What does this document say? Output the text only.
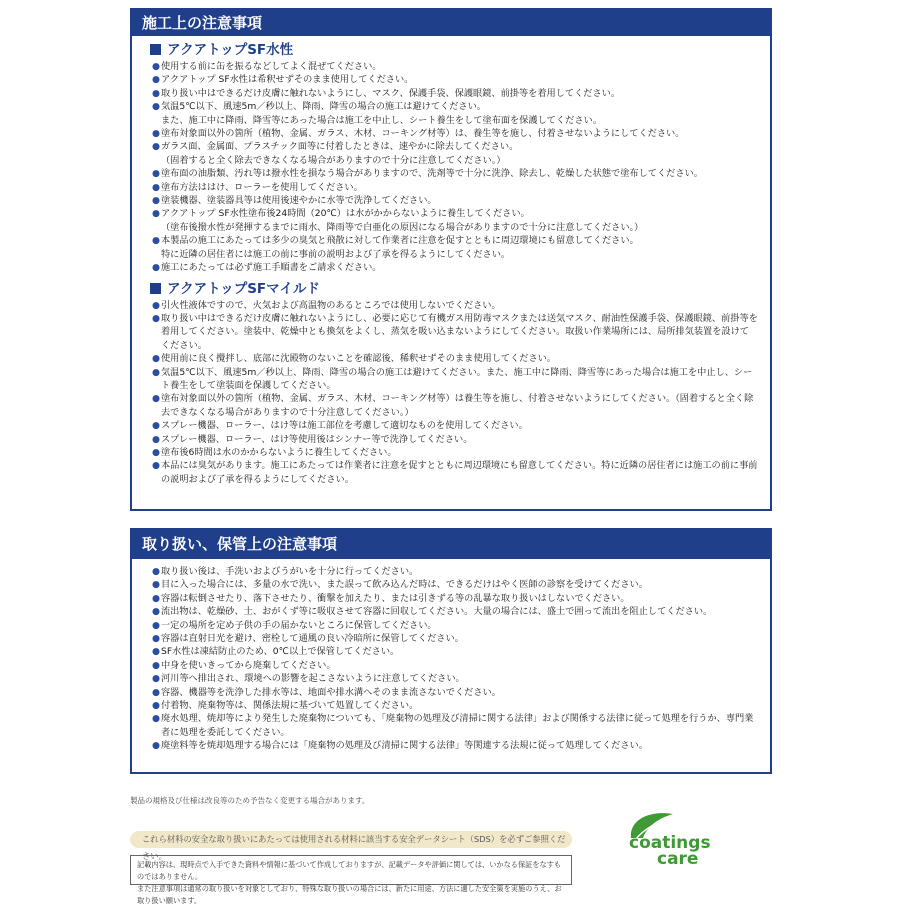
施工上の注意事項
アクアトップSF水性
● 使用する前に缶を振るなどしてよく混ぜてください。
● アクアトップ SF水性は希釈せずそのまま使用してください。
● 取り扱い中はできるだけ皮膚に触れないようにし、マスク、保護手袋、保護眼鏡、前掛等を着用してください。
● 気温5℃以下、風速5m／秒以上、降雨、降雪の場合の施工は避けてください。
また、施工中に降雨、降雪等にあった場合は施工を中止し、シート養生をして塗布面を保護してください。
● 塗布対象面以外の箇所（植物、金属、ガラス、木材、コーキング材等）は、養生等を施し、付着させないようにしてください。
● ガラス面、金属面、プラスチック面等に付着したときは、速やかに除去してください。
（固着すると全く除去できなくなる場合がありますので十分に注意してください。）
● 塗布面の油脂類、汚れ等は撥水性を損なう場合がありますので、洗剤等で十分に洗浄、除去し、乾燥した状態で塗布してください。
● 塗布方法ははけ、ローラーを使用してください。
● 塗装機器、塗装器具等は使用後速やかに水等で洗浄してください。
● アクアトップ SF水性塗布後24時間（20℃）は水がかからないように養生してください。
（塗布後撥水性が発揮するまでに雨水、降雨等で白亜化の原因になる場合がありますので十分に注意してください。）
● 本製品の施工にあたっては多少の臭気と飛散に対して作業者に注意を促すとともに周辺環境にも留意してください。
特に近隣の居住者には施工の前に事前の説明および了承を得るようにしてください。
● 施工にあたっては必ず施工手順書をご請求ください。
アクアトップSFマイルド
● 引火性液体ですので、火気および高温物のあるところでは使用しないでください。
● 取り扱い中はできるだけ皮膚に触れないようにし、必要に応じて有機ガス用防毒マスクまたは送気マスク、耐油性保護手袋、保護眼鏡、前掛等を着用してください。塗装中、乾燥中とも換気をよくし、蒸気を吸い込まないようにしてください。取扱い作業場所には、局所排気装置を設けてください。
● 使用前に良く攪拌し、底部に沈殿物のないことを確認後、稀釈せずそのまま使用してください。
● 気温5℃以下、風速5m／秒以上、降雨、降雪の場合の施工は避けてください。また、施工中に降雨、降雪等にあった場合は施工を中止し、シート養生をして塗装面を保護してください。
● 塗布対象面以外の箇所（植物、金属、ガラス、木材、コーキング材等）は養生等を施し、付着させないようにしてください。（固着すると全く除去できなくなる場合がありますので十分注意してください。）
● スプレー機器、ローラー、はけ等は施工部位を考慮して適切なものを使用してください。
● スプレー機器、ローラー、はけ等使用後はシンナー等で洗浄してください。
● 塗布後6時間は水のかからないように養生してください。
● 本品には臭気があります。施工にあたっては作業者に注意を促すとともに周辺環境にも留意してください。特に近隣の居住者には施工の前に事前の説明および了承を得るようにしてください。
取り扱い、保管上の注意事項
● 取り扱い後は、手洗いおよびうがいを十分に行ってください。
● 目に入った場合には、多量の水で洗い、また誤って飲み込んだ時は、できるだけはやく医師の診察を受けてください。
● 容器は転倒させたり、落下させたり、衝撃を加えたり、または引きずる等の乱暴な取り扱いはしないでください。
● 流出物は、乾燥砂、土、おがくず等に吸収させて容器に回収してください。大量の場合には、盛土で囲って流出を阻止してください。
● 一定の場所を定め子供の手の届かないところに保管してください。
● 容器は直射日光を避け、密栓して通風の良い冷暗所に保管してください。
● SF水性は凍結防止のため、0℃以上で保管してください。
● 中身を使いきってから廃棄してください。
● 河川等へ排出され、環境への影響を起こさないように注意してください。
● 容器、機器等を洗浄した排水等は、地面や排水溝へそのまま流さないでください。
● 付着物、廃棄物等は、関係法規に基づいて処置してください。
● 廃水処理、焼却等により発生した廃棄物についても、「廃棄物の処理及び清掃に関する法律」および関係する法律に従って処理を行うか、専門業者に処理を委託してください。
● 廃塗料等を焼却処理する場合には「廃棄物の処理及び清掃に関する法律」等関連する法規に従って処理してください。
製品の規格及び仕様は改良等のため予告なく変更する場合があります。
これら材料の安全な取り扱いにあたっては使用される材料に該当する安全データシート（SDS）を必ずご参照ください。
記載内容は、現時点で入手できた資料や情報に基づいて作成しておりますが、記載データや評価に関しては、いかなる保証をなすものではありません。
また注意事項は通常の取り扱いを対象としており、特殊な取り扱いの場合には、新たに用途、方法に適した安全策を実施のうえ、お取り扱い願います。
coatings
care
